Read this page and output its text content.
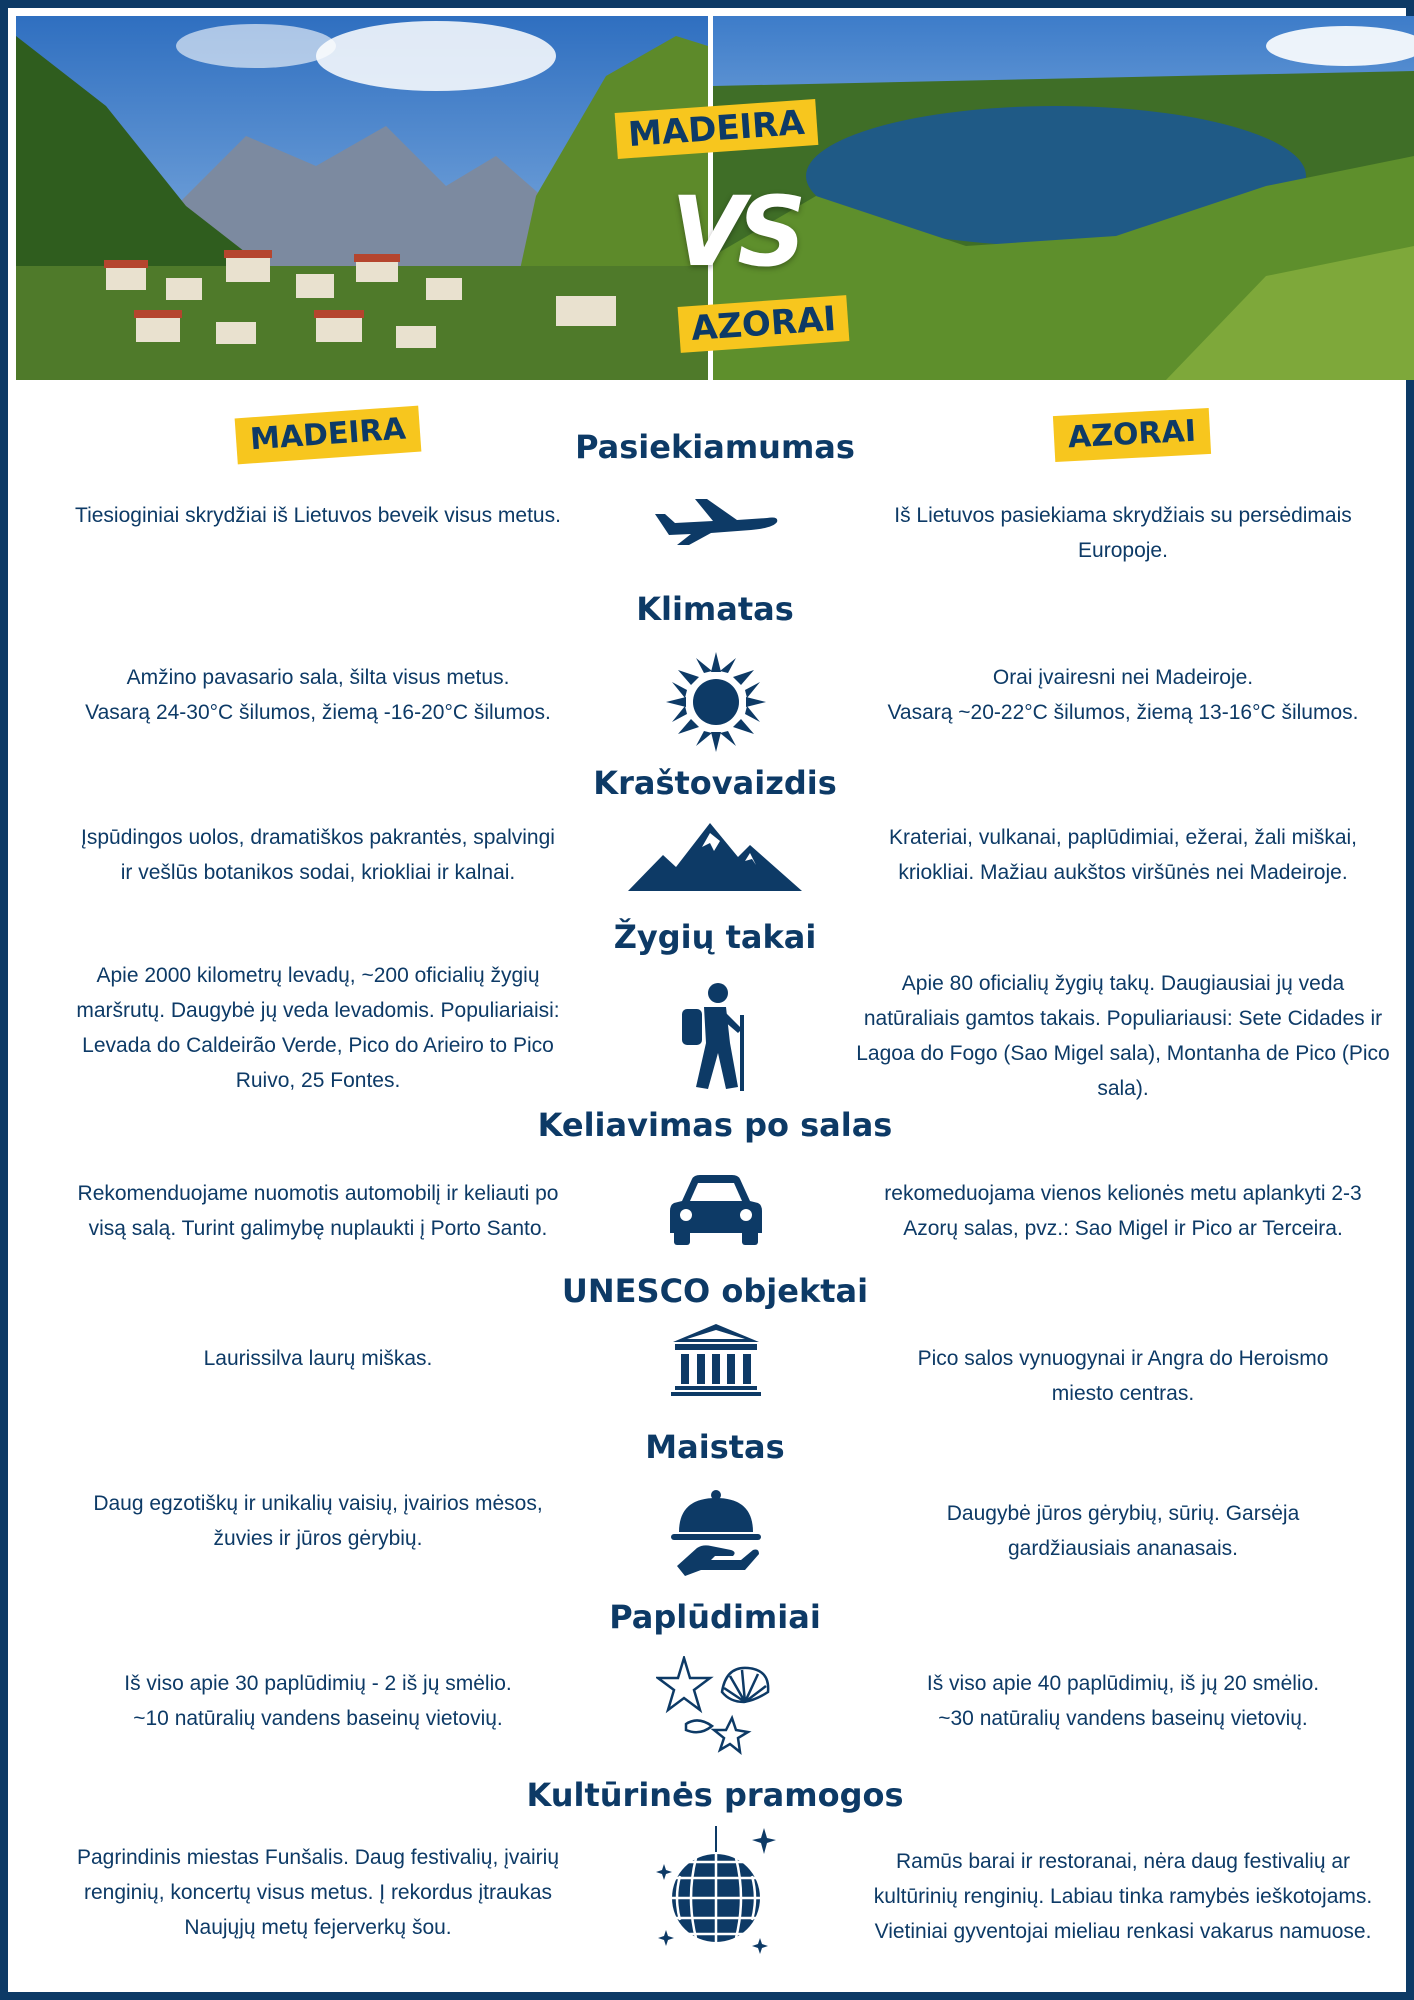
MADEIRA
VS
AZORAI
MADEIRA	AZORAI
Pasiekiamumas

Tiesioginiai skrydžiai iš Lietuvos beveik visus metus.	Iš Lietuvos pasiekiama skrydžiais su persėdimais
Europoje.

Klimatas

Amžino pavasario sala, šilta visus metus.
Vasarą 24-30°C šilumos, žiemą -16-20°C šilumos.

Orai įvairesni nei Madeiroje.
Vasarą ~20-22°C šilumos, žiemą 13-16°C šilumos.

Kraštovaizdis

Įspūdingos uolos, dramatiškos pakrantės, spalvingi
ir vešlūs botanikos sodai, kriokliai ir kalnai.

Krateriai, vulkanai, paplūdimiai, ežerai, žali miškai,
kriokliai. Mažiau aukštos viršūnės nei Madeiroje.

Žygių takai

Apie 2000 kilometrų levadų, ~200 oficialių žygių
maršrutų. Daugybė jų veda levadomis. Populiariaisi:
Levada do Caldeirão Verde, Pico do Arieiro to Pico
Ruivo, 25 Fontes.

Apie 80 oficialių žygių takų. Daugiausiai jų veda
natūraliais gamtos takais. Populiariausi: Sete Cidades ir
Lagoa do Fogo (Sao Migel sala), Montanha de Pico (Pico
sala).

Keliavimas po salas

Rekomenduojame nuomotis automobilį ir keliauti po
visą salą. Turint galimybę nuplaukti į Porto Santo.

rekomeduojama vienos kelionės metu aplankyti 2-3
Azorų salas, pvz.: Sao Migel ir Pico ar Terceira.

UNESCO objektai

Laurissilva laurų miškas.	Pico salos vynuogynai ir Angra do Heroismo
miesto centras.

Maistas

Daug egzotiškų ir unikalių vaisių, įvairios mėsos,
žuvies ir jūros gėrybių.

Daugybė jūros gėrybių, sūrių. Garsėja
gardžiausiais ananasais.

Paplūdimiai

Iš viso apie 30 paplūdimių - 2 iš jų smėlio.
~10 natūralių vandens baseinų vietovių.

Iš viso apie 40 paplūdimių, iš jų 20 smėlio.
~30 natūralių vandens baseinų vietovių.

Kultūrinės pramogos

Pagrindinis miestas Funšalis. Daug festivalių, įvairių
renginių, koncertų visus metus. Į rekordus įtraukas
Naujųjų metų fejerverkų šou.

Ramūs barai ir restoranai, nėra daug festivalių ar
kultūrinių renginių. Labiau tinka ramybės ieškotojams.
Vietiniai gyventojai mieliau renkasi vakarus namuose.
